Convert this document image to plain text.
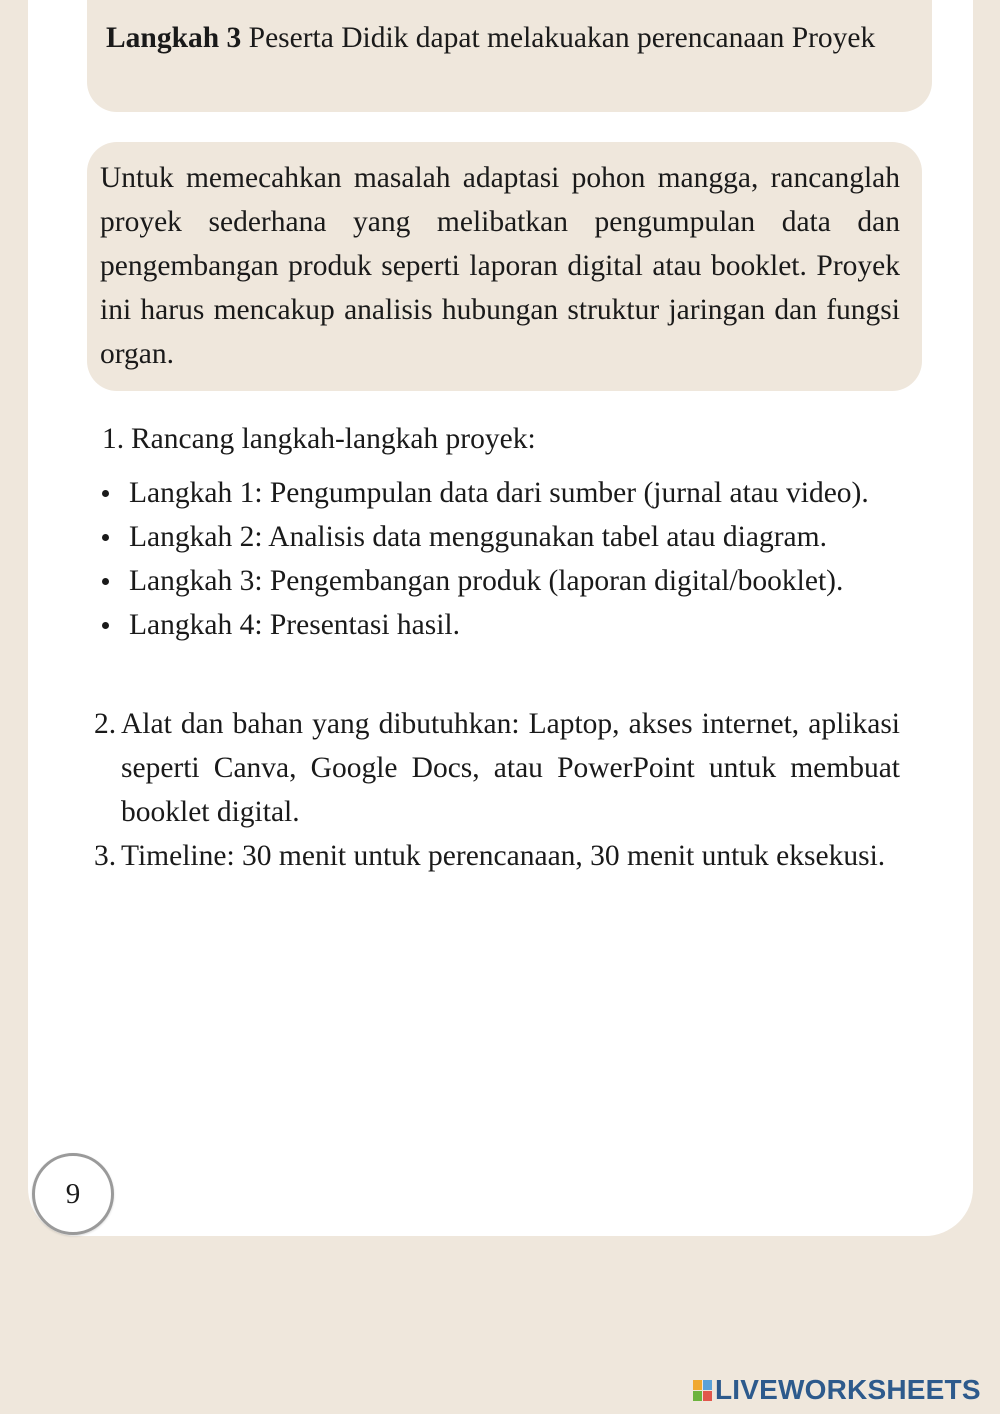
Langkah 3 Peserta Didik dapat melakuakan perencanaan Proyek

Untuk memecahkan masalah adaptasi pohon mangga, rancanglah proyek sederhana yang melibatkan pengumpulan data dan pengembangan produk seperti laporan digital atau booklet. Proyek ini harus mencakup analisis hubungan struktur jaringan dan fungsi organ.

1. Rancang langkah-langkah proyek:
Langkah 1: Pengumpulan data dari sumber (jurnal atau video).
Langkah 2: Analisis data menggunakan tabel atau diagram.
Langkah 3: Pengembangan produk (laporan digital/booklet).
Langkah 4: Presentasi hasil.
2. Alat dan bahan yang dibutuhkan: Laptop, akses internet, aplikasi seperti Canva, Google Docs, atau PowerPoint untuk membuat booklet digital.
3. Timeline: 30 menit untuk perencanaan, 30 menit untuk eksekusi.
9
LIVEWORKSHEETS
